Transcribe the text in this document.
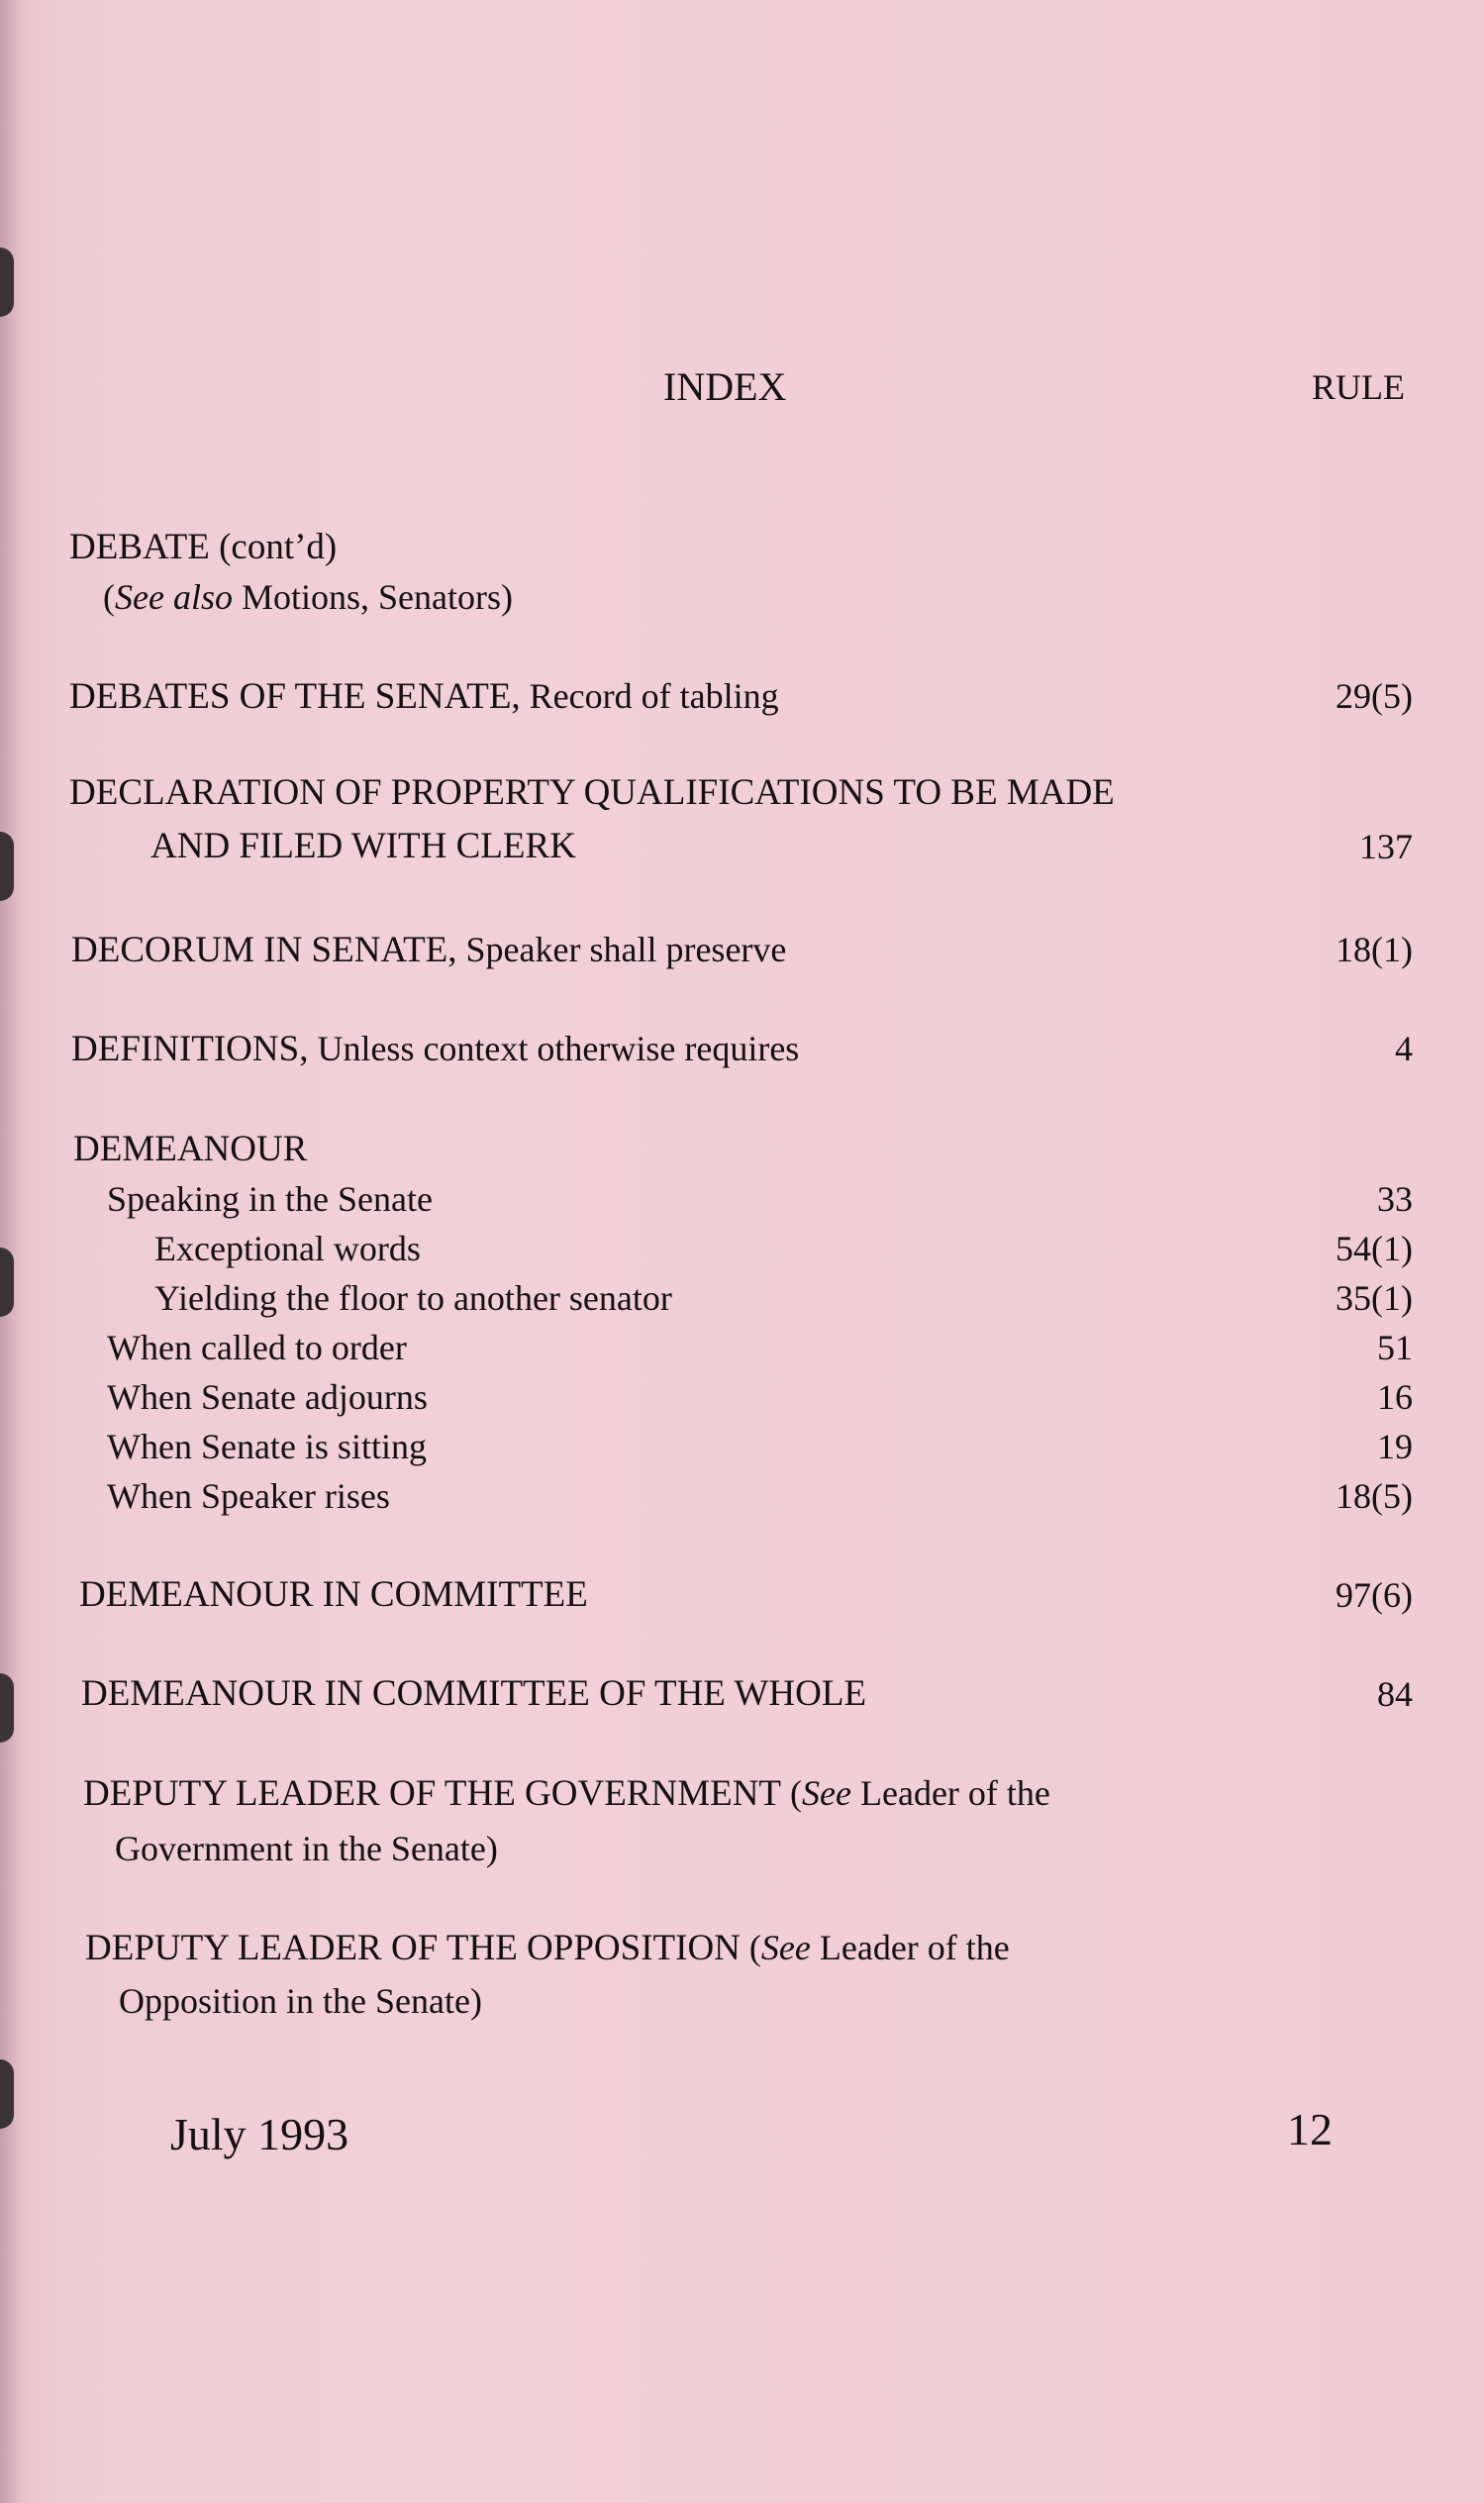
INDEX	RULE
DEBATE (cont’d)
(See also Motions, Senators)
DEBATES OF THE SENATE, Record of tabling	29(5)
DECLARATION OF PROPERTY QUALIFICATIONS TO BE MADE
AND FILED WITH CLERK	137
DECORUM IN SENATE, Speaker shall preserve	18(1)
DEFINITIONS, Unless context otherwise requires	4
DEMEANOUR
Speaking in the Senate	33
Exceptional words	54(1)
Yielding the floor to another senator	35(1)
When called to order	51
When Senate adjourns	16
When Senate is sitting	19
When Speaker rises	18(5)
DEMEANOUR IN COMMITTEE	97(6)
DEMEANOUR IN COMMITTEE OF THE WHOLE	84
DEPUTY LEADER OF THE GOVERNMENT (See Leader of the
Government in the Senate)
DEPUTY LEADER OF THE OPPOSITION (See Leader of the
Opposition in the Senate)
July 1993	12
